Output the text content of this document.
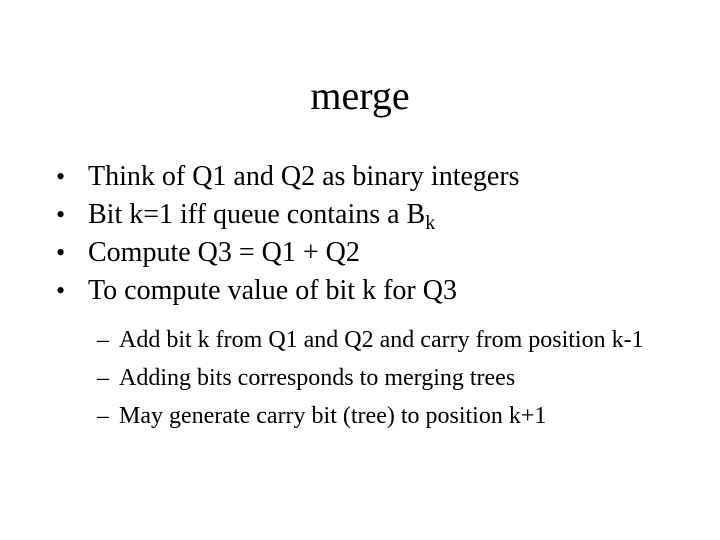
merge
• Think of Q1 and Q2 as binary integers
• Bit k=1 iff queue contains a $B_k$
• Compute Q3 = Q1 + Q2
• To compute value of bit k for Q3
– Add bit k from Q1 and Q2 and carry from position k-1
– Adding bits corresponds to merging trees
– May generate carry bit (tree) to position k+1
